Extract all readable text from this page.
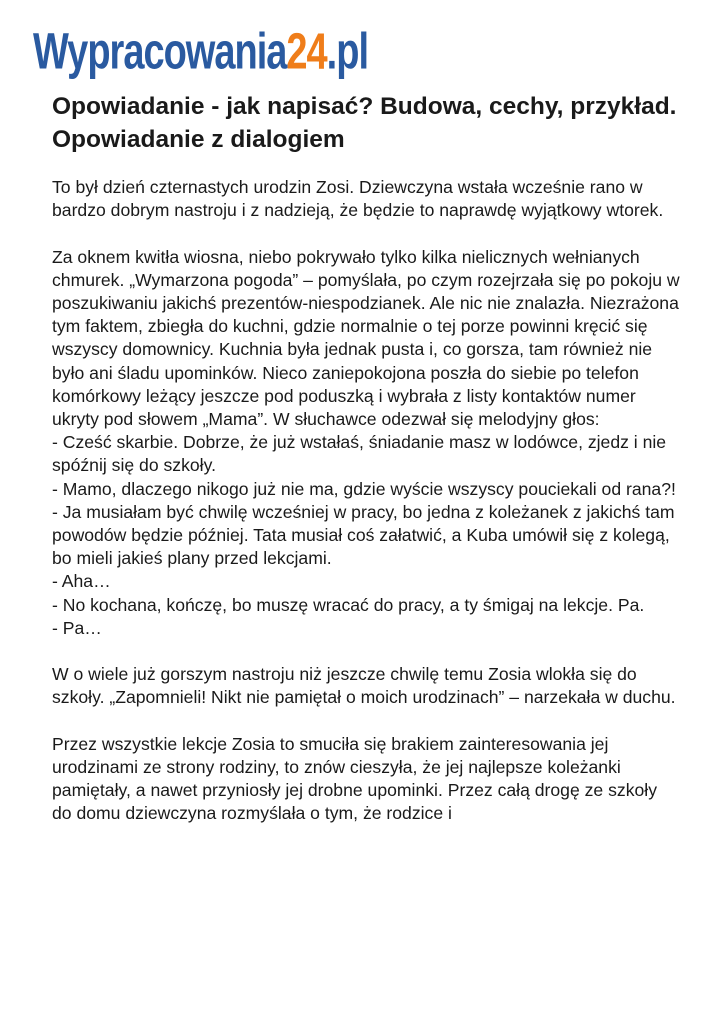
Wypracowania 24 .pl
Opowiadanie - jak napisać? Budowa, cechy, przykład. Opowiadanie z dialogiem

To był dzień czternastych urodzin Zosi. Dziewczyna wstała wcześnie rano w bardzo dobrym nastroju i z nadzieją, że będzie to naprawdę wyjątkowy wtorek.

Za oknem kwitła wiosna, niebo pokrywało tylko kilka nielicznych wełnianych chmurek. „Wymarzona pogoda” – pomyślała, po czym rozejrzała się po pokoju w poszukiwaniu jakichś prezentów-niespodzianek. Ale nic nie znalazła. Niezrażona tym faktem, zbiegła do kuchni, gdzie normalnie o tej porze powinni kręcić się wszyscy domownicy. Kuchnia była jednak pusta i, co gorsza, tam również nie było ani śladu upominków. Nieco zaniepokojona poszła do siebie po telefon komórkowy leżący jeszcze pod poduszką i wybrała z listy kontaktów numer ukryty pod słowem „Mama”. W słuchawce odezwał się melodyjny głos:
- Cześć skarbie. Dobrze, że już wstałaś, śniadanie masz w lodówce, zjedz i nie spóźnij się do szkoły.
- Mamo, dlaczego nikogo już nie ma, gdzie wyście wszyscy pouciekali od rana?!
- Ja musiałam być chwilę wcześniej w pracy, bo jedna z koleżanek z jakichś tam powodów będzie później. Tata musiał coś załatwić, a Kuba umówił się z kolegą, bo mieli jakieś plany przed lekcjami.
- Aha…
- No kochana, kończę, bo muszę wracać do pracy, a ty śmigaj na lekcje. Pa.
- Pa…

W o wiele już gorszym nastroju niż jeszcze chwilę temu Zosia wlokła się do szkoły. „Zapomnieli! Nikt nie pamiętał o moich urodzinach” – narzekała w duchu.

Przez wszystkie lekcje Zosia to smuciła się brakiem zainteresowania jej urodzinami ze strony rodziny, to znów cieszyła, że jej najlepsze koleżanki pamiętały, a nawet przyniosły jej drobne upominki. Przez całą drogę ze szkoły do domu dziewczyna rozmyślała o tym, że rodzice i
